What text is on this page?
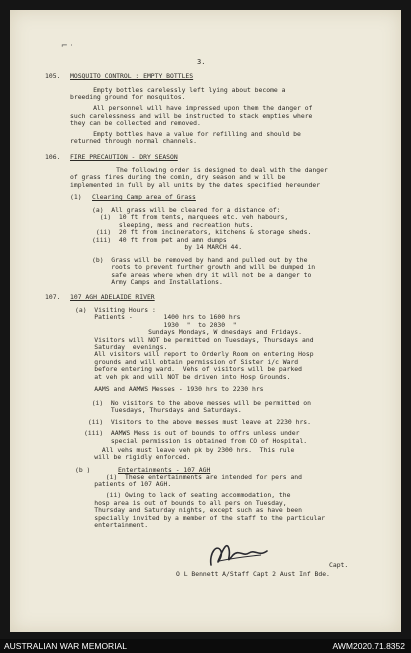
⌐ ·
3.
105. MOSQUITO CONTROL : EMPTY BOTTLES
Empty bottles carelessly left lying about become a
breeding ground for mosquitos.
All personnel will have impressed upon them the danger of
such carelessness and will be instructed to stack empties where
they can be collected and removed.
Empty bottles have a value for refilling and should be
returned through normal channels.
106. FIRE PRECAUTION - DRY SEASON
The following order is designed to deal with the danger
of grass fires during the comin, dry season and w ill be
implemented in full by all units by the dates specified hereunder
(1) Clearing Camp area of Grass
(a)  All grass will be cleared for a distance of:
(i)  10 ft from tents, marquees etc. veh habours,
sleeping, mess and recreation huts.
(ii)  20 ft from incinerators, kitchens & storage sheds.
(iii)  40 ft from pet and amn dumps
by 14 MARCH 44.
(b)  Grass will be removed by hand and pulled out by the
roots to prevent further growth and will be dumped in
safe areas where when dry it will not be a danger to
Army Camps and Installations.
107. 107 AGH ADELAIDE RIVER
(a)  Visiting Hours :
Patients -        1400 hrs to 1600 hrs
1930  "  to 2030  "
Sundays Mondays, W dnesdays and Fridays.
Visitors will NOT be permitted on Tuesdays, Thursdays and
Saturday  evenings.
All visitors will report to Orderly Room on entering Hosp
grounds and will obtain permission of Sister i/c Ward
before entering ward.  Vehs of visitors will be parked
at veh pk and will NOT be driven into Hosp Grounds.
AAMS and AAMWS Messes - 1930 hrs to 2230 hrs
(i)  No visitors to the above messes will be permitted on
Tuesdays, Thursdays and Saturdays.
(ii)  Visitors to the above messes must leave at 2230 hrs.
(iii)  AAMWS Mess is out of bounds to offrs unless under
special permission is obtained from CO of Hospital.
All vehs must leave veh pk by 2300 hrs.  This rule
will be rigidly enforced.
(b )	Entertainments - 107 AGH
(i)  These entertainments are intended for pers and
patients of 107 AGH.
(ii) Owing to lack of seating accommodation, the
hosp area is out of bounds to all pers on Tuesday,
Thursday and Saturday nights, except such as have been
specially invited by a member of the staff to the particular
entertainment.
Capt.
O L Bennett A/Staff Capt 2 Aust Inf Bde.
AUSTRALIAN WAR MEMORIAL	AWM2020.71.8352
